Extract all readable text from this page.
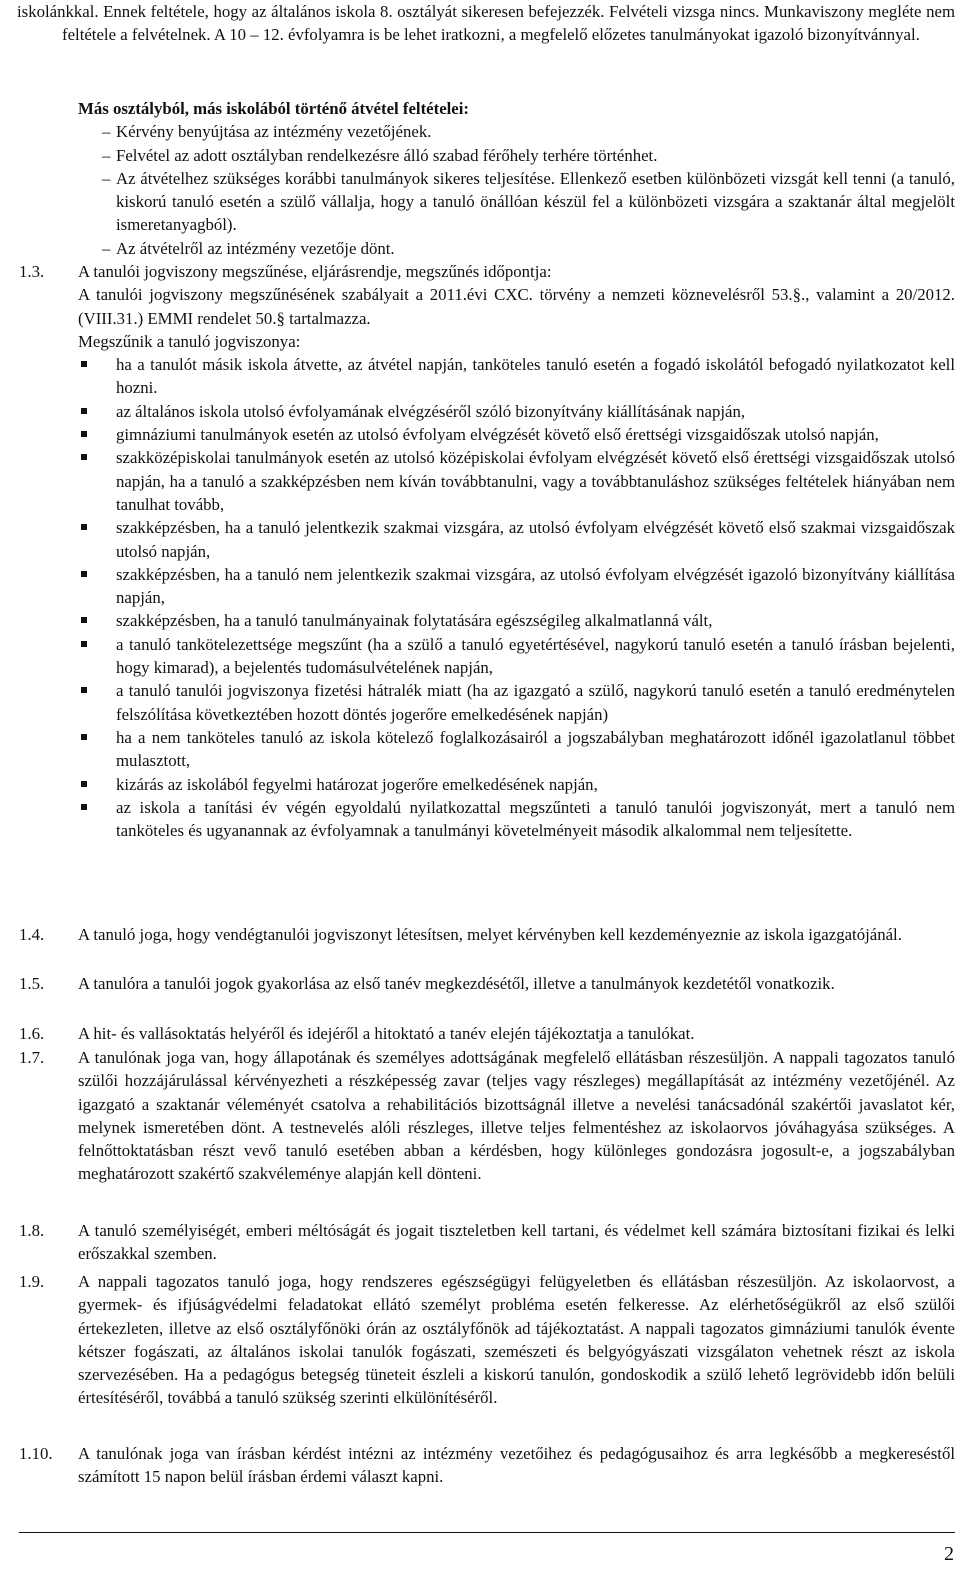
iskolánkkal. Ennek feltétele, hogy az általános iskola 8. osztályát sikeresen befejezzék. Felvételi vizsga nincs. Munkaviszony megléte nem feltétele a felvételnek. A 10 – 12. évfolyamra is be lehet iratkozni, a megfelelő előzetes tanulmányokat igazoló bizonyítvánnyal.
Más osztályból, más iskolából történő átvétel feltételei:
– Kérvény benyújtása az intézmény vezetőjének.
– Felvétel az adott osztályban rendelkezésre álló szabad férőhely terhére történhet.
– Az átvételhez szükséges korábbi tanulmányok sikeres teljesítése. Ellenkező esetben különbözeti vizsgát kell tenni (a tanuló, kiskorú tanuló esetén a szülő vállalja, hogy a tanuló önállóan készül fel a különbözeti vizsgára a szaktanár által megjelölt ismeretanyagból).
– Az átvételről az intézmény vezetője dönt.
1.3. A tanulói jogviszony megszűnése, eljárásrendje, megszűnés időpontja:
A tanulói jogviszony megszűnésének szabályait a 2011.évi CXC. törvény a nemzeti köznevelésről 53.§., valamint a 20/2012.(VIII.31.) EMMI rendelet 50.§ tartalmazza.
Megszűnik a tanuló jogviszonya:
ha a tanulót másik iskola átvette, az átvétel napján, tanköteles tanuló esetén a fogadó iskolától befogadó nyilatkozatot kell hozni.
az általános iskola utolsó évfolyamának elvégzéséről szóló bizonyítvány kiállításának napján,
gimnáziumi tanulmányok esetén az utolsó évfolyam elvégzését követő első érettségi vizsgaidőszak utolsó napján,
szakközépiskolai tanulmányok esetén az utolsó középiskolai évfolyam elvégzését követő első érettségi vizsgaidőszak utolsó napján, ha a tanuló a szakképzésben nem kíván továbbtanulni, vagy a továbbtanuláshoz szükséges feltételek hiányában nem tanulhat tovább,
szakképzésben, ha a tanuló jelentkezik szakmai vizsgára, az utolsó évfolyam elvégzését követő első szakmai vizsgaidőszak utolsó napján,
szakképzésben, ha a tanuló nem jelentkezik szakmai vizsgára, az utolsó évfolyam elvégzését igazoló bizonyítvány kiállítása napján,
szakképzésben, ha a tanuló tanulmányainak folytatására egészségileg alkalmatlanná vált,
a tanuló tankötelezettsége megszűnt (ha a szülő a tanuló egyetértésével, nagykorú tanuló esetén a tanuló írásban bejelenti, hogy kimarad), a bejelentés tudomásulvételének napján,
a tanuló tanulói jogviszonya fizetési hátralék miatt (ha az igazgató a szülő, nagykorú tanuló esetén a tanuló eredménytelen felszólítása következtében hozott döntés jogerőre emelkedésének napján)
ha a nem tanköteles tanuló az iskola kötelező foglalkozásairól a jogszabályban meghatározott időnél igazolatlanul többet mulasztott,
kizárás az iskolából fegyelmi határozat jogerőre emelkedésének napján,
az iskola a tanítási év végén egyoldalú nyilatkozattal megszűnteti a tanuló tanulói jogviszonyát, mert a tanuló nem tanköteles és ugyanannak az évfolyamnak a tanulmányi követelményeit második alkalommal nem teljesítette.
1.4. A tanuló joga, hogy vendégtanulói jogviszonyt létesítsen, melyet kérvényben kell kezdeményeznie az iskola igazgatójánál.
1.5. A tanulóra a tanulói jogok gyakorlása az első tanév megkezdésétől, illetve a tanulmányok kezdetétől vonatkozik.
1.6. A hit- és vallásoktatás helyéről és idejéről a hitoktató a tanév elején tájékoztatja a tanulókat.
1.7. A tanulónak joga van, hogy állapotának és személyes adottságának megfelelő ellátásban részesüljön. A nappali tagozatos tanuló szülői hozzájárulással kérvényezheti a részképesség zavar (teljes vagy részleges) megállapítását az intézmény vezetőjénél. Az igazgató a szaktanár véleményét csatolva a rehabilitációs bizottságnál illetve a nevelési tanácsadónál szakértői javaslatot kér, melynek ismeretében dönt. A testnevelés alóli részleges, illetve teljes felmentéshez az iskolaorvos jóváhagyása szükséges. A felnőttoktatásban részt vevő tanuló esetében abban a kérdésben, hogy különleges gondozásra jogosult-e, a jogszabályban meghatározott szakértő szakvéleménye alapján kell dönteni.
1.8. A tanuló személyiségét, emberi méltóságát és jogait tiszteletben kell tartani, és védelmet kell számára biztosítani fizikai és lelki erőszakkal szemben.
1.9. A nappali tagozatos tanuló joga, hogy rendszeres egészségügyi felügyeletben és ellátásban részesüljön. Az iskolaorvost, a gyermek- és ifjúságvédelmi feladatokat ellátó személyt probléma esetén felkeresse. Az elérhetőségükről az első szülői értekezleten, illetve az első osztályfőnöki órán az osztályfőnök ad tájékoztatást. A nappali tagozatos gimnáziumi tanulók évente kétszer fogászati, az általános iskolai tanulók fogászati, szemészeti és belgyógyászati vizsgálaton vehetnek részt az iskola szervezésében. Ha a pedagógus betegség tüneteit észleli a kiskorú tanulón, gondoskodik a szülő lehető legrövidebb időn belüli értesítéséről, továbbá a tanuló szükség szerinti elkülönítéséről.
1.10. A tanulónak joga van írásban kérdést intézni az intézmény vezetőihez és pedagógusaihoz és arra legkésőbb a megkereséstől számított 15 napon belül írásban érdemi választ kapni.
2
